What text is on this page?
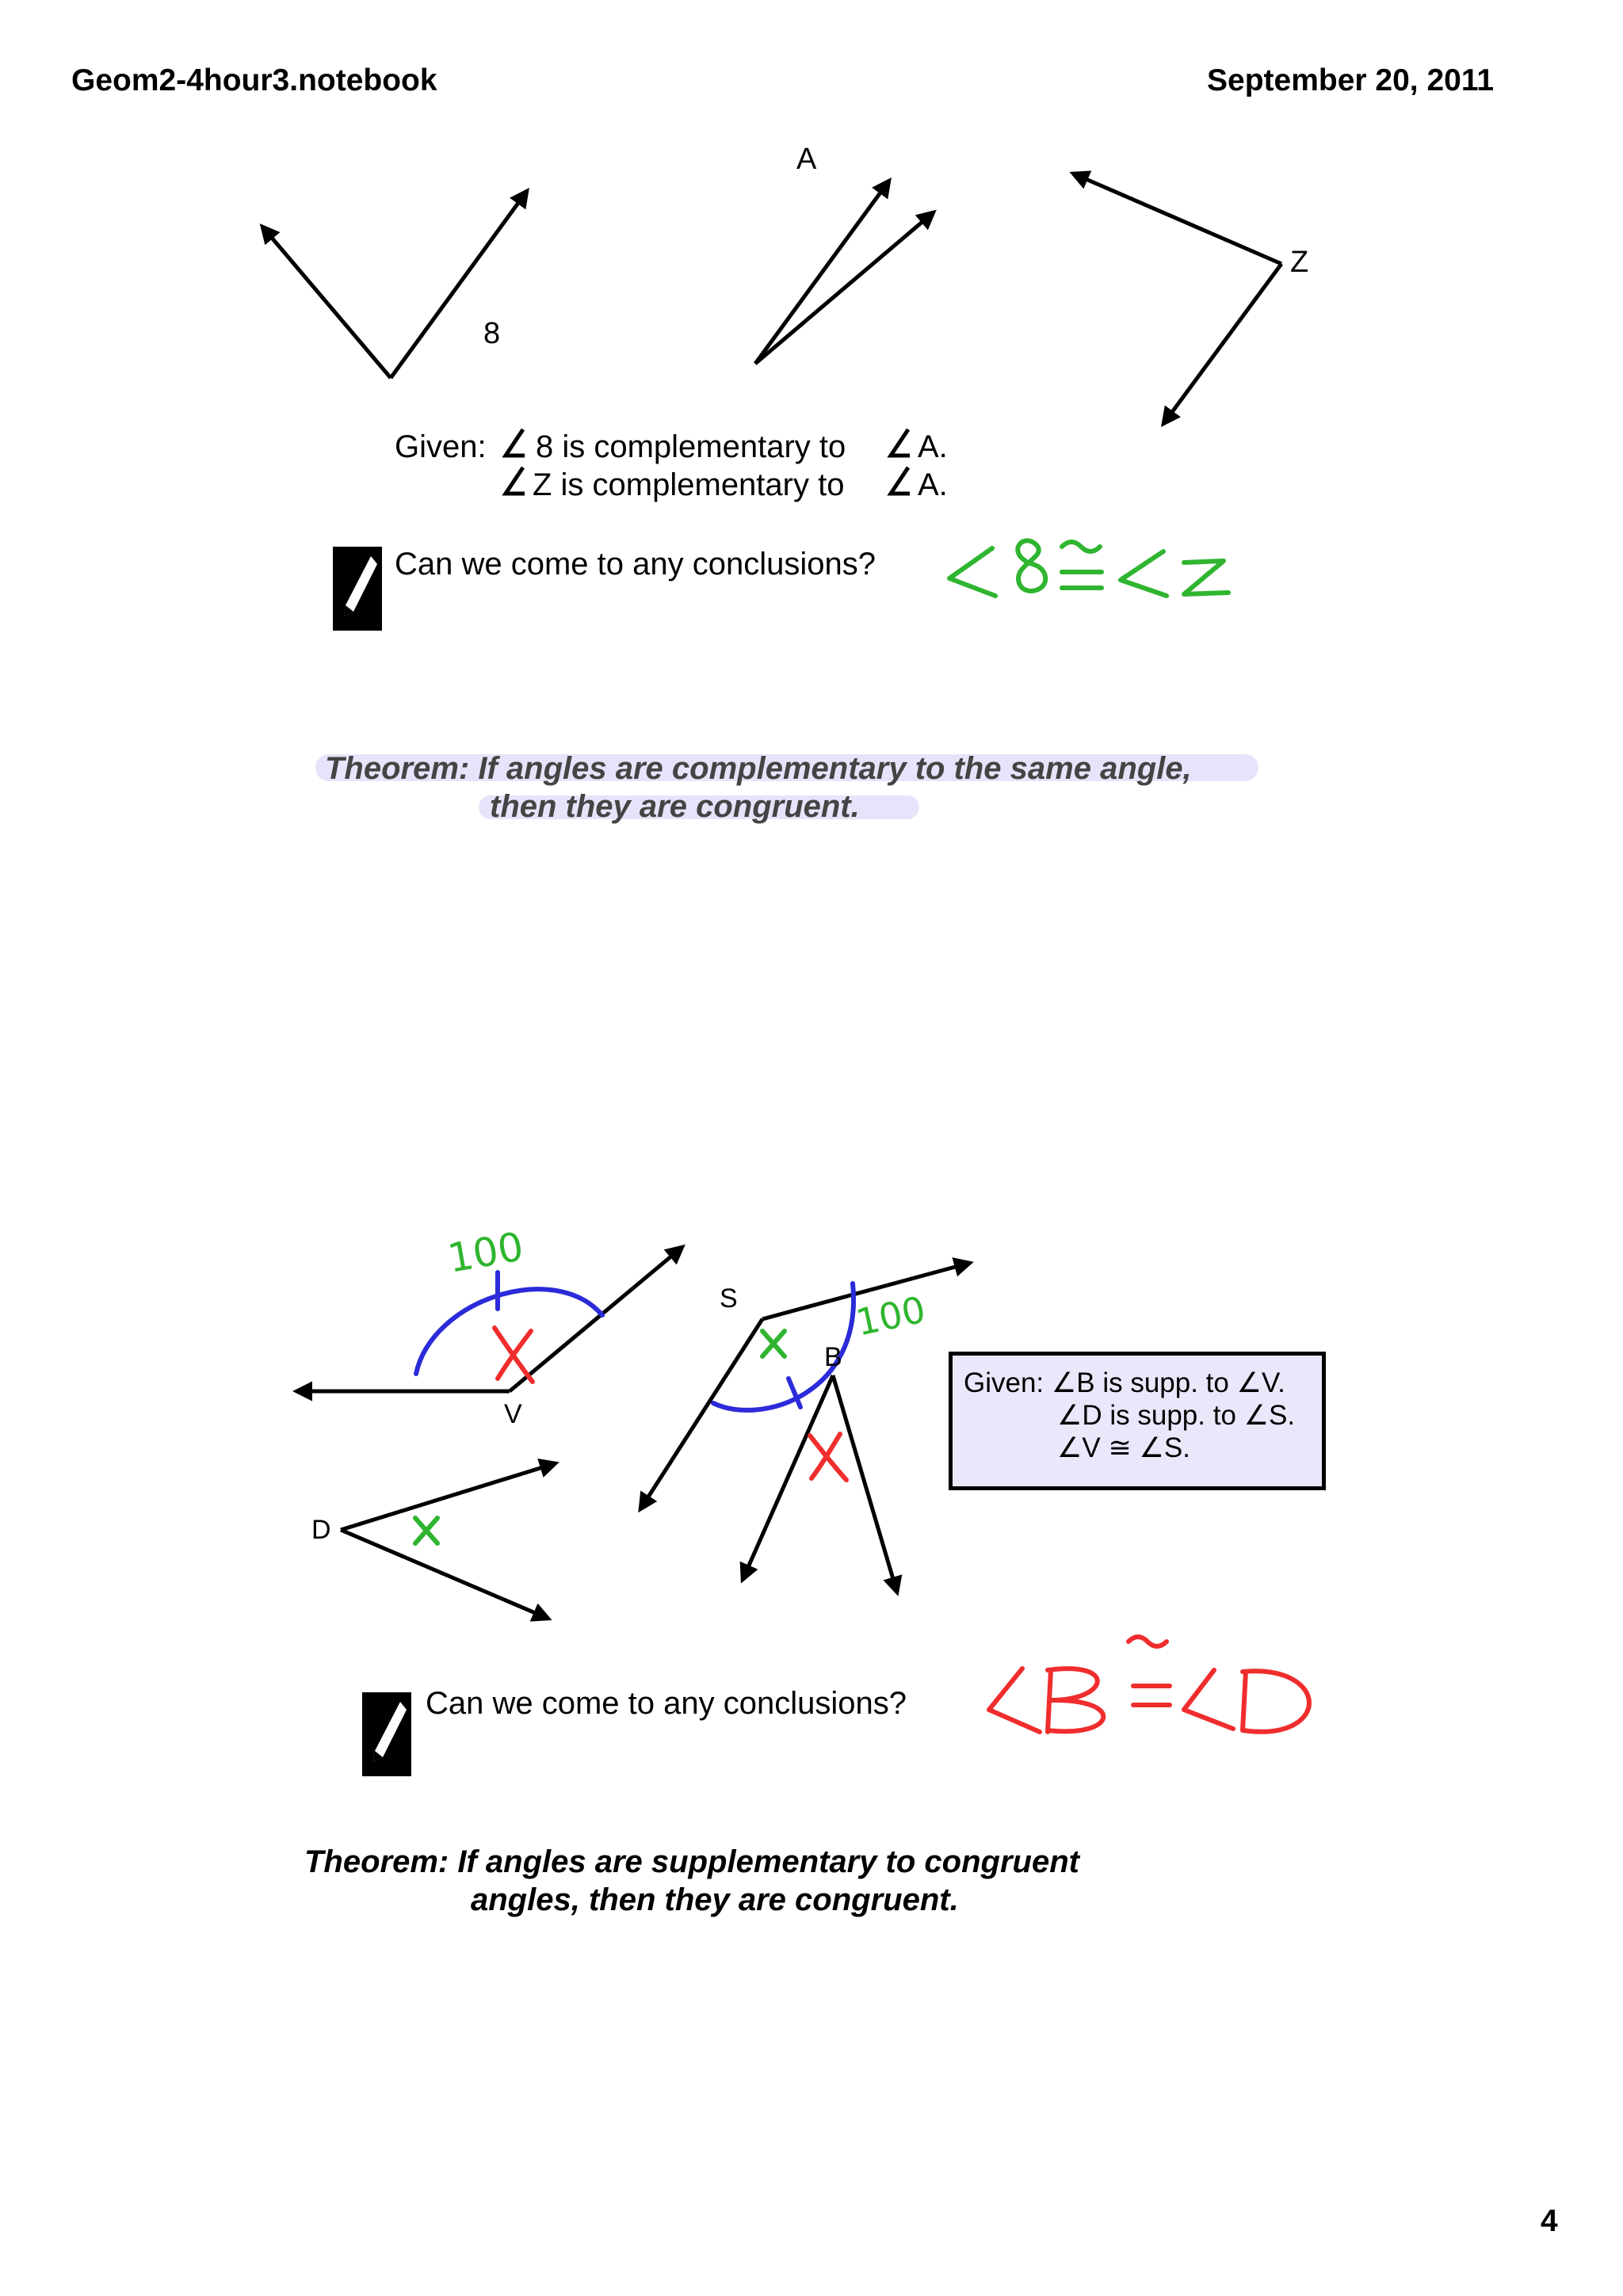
Geom2-4hour3.notebook	September 20, 2011
8
A
Z
Given: 8 is complementary to A.
Z is complementary to A.
Can we come to any conclusions?
Theorem: If angles are complementary to the same angle,
then they are congruent.
V
S
B
D
100
100
Given: ∠B is supp. to ∠V.
∠D is supp. to ∠S.
∠V ≅ ∠S.
Can we come to any conclusions?
Theorem: If angles are supplementary to congruent
angles, then they are congruent.
4
